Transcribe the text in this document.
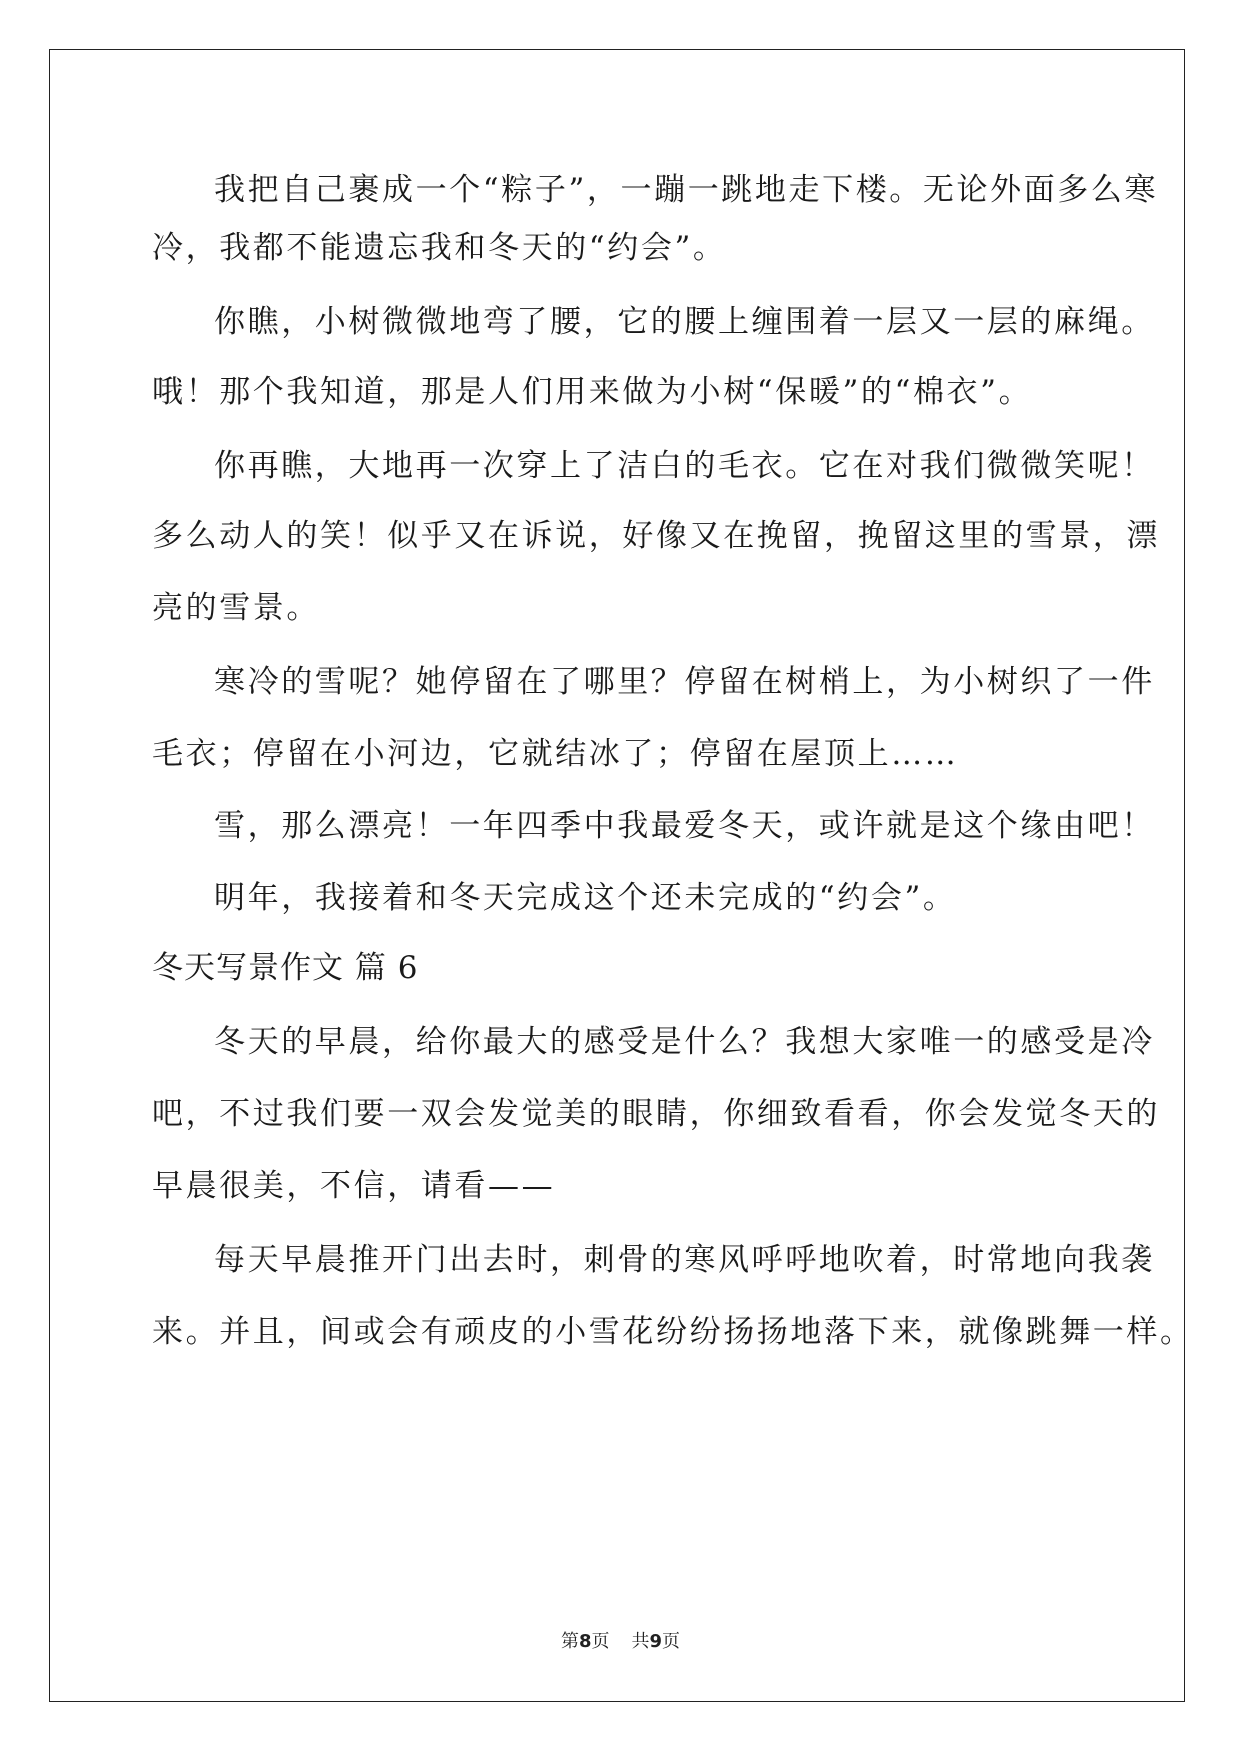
我把自己裹成一个“粽子”，一蹦一跳地走下楼。无论外面多么寒
冷，我都不能遗忘我和冬天的“约会”。
你瞧，小树微微地弯了腰，它的腰上缠围着一层又一层的麻绳。
哦！那个我知道，那是人们用来做为小树“保暖”的“棉衣”。
你再瞧，大地再一次穿上了洁白的毛衣。它在对我们微微笑呢！
多么动人的笑！似乎又在诉说，好像又在挽留，挽留这里的雪景，漂
亮的雪景。
寒冷的雪呢？她停留在了哪里？停留在树梢上，为小树织了一件
毛衣；停留在小河边，它就结冰了；停留在屋顶上……
雪，那么漂亮！一年四季中我最爱冬天，或许就是这个缘由吧！
明年，我接着和冬天完成这个还未完成的“约会”。
冬天写景作文 篇 6
冬天的早晨，给你最大的感受是什么？我想大家唯一的感受是冷
吧，不过我们要一双会发觉美的眼睛，你细致看看，你会发觉冬天的
早晨很美，不信，请看——
每天早晨推开门出去时，刺骨的寒风呼呼地吹着，时常地向我袭
来。并且，间或会有顽皮的小雪花纷纷扬扬地落下来，就像跳舞一样。
第8页 共9页
